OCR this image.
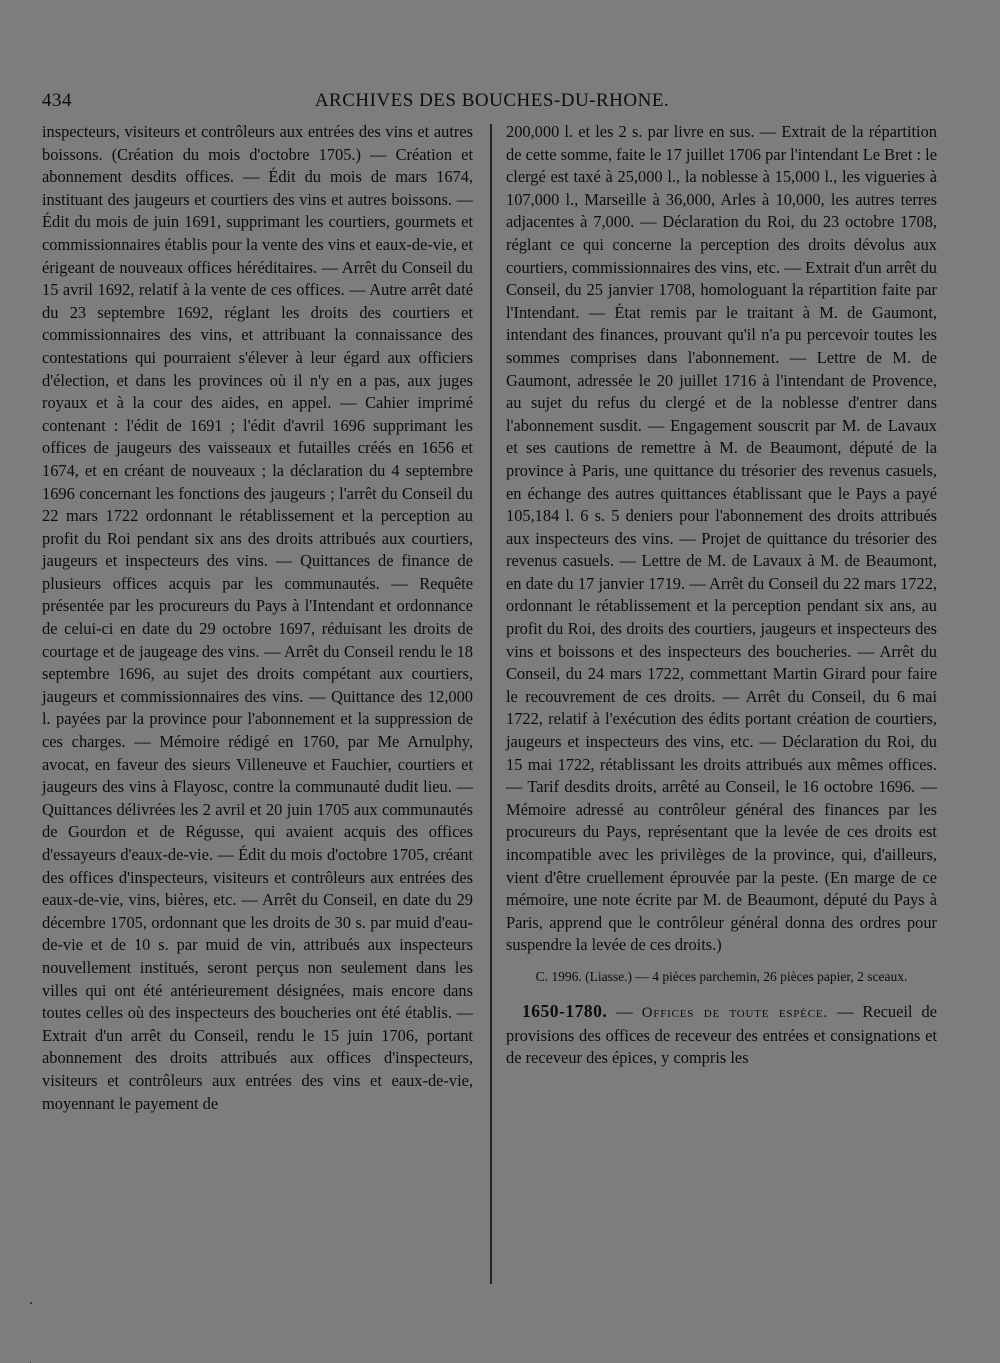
434	ARCHIVES DES BOUCHES-DU-RHONE.

inspecteurs, visiteurs et contrôleurs aux entrées des vins et autres boissons. (Création du mois d'octobre 1705.) — Création et abonnement desdits offices. — Édit du mois de mars 1674, instituant des jaugeurs et courtiers des vins et autres boissons. — Édit du mois de juin 1691, supprimant les courtiers, gourmets et commissionnaires établis pour la vente des vins et eaux-de-vie, et érigeant de nouveaux offices héréditaires. — Arrêt du Conseil du 15 avril 1692, relatif à la vente de ces offices. — Autre arrêt daté du 23 septembre 1692, réglant les droits des courtiers et commissionnaires des vins, et attribuant la connaissance des contestations qui pourraient s'élever à leur égard aux officiers d'élection, et dans les provinces où il n'y en a pas, aux juges royaux et à la cour des aides, en appel. — Cahier imprimé contenant : l'édit de 1691 ; l'édit d'avril 1696 supprimant les offices de jaugeurs des vaisseaux et futailles créés en 1656 et 1674, et en créant de nouveaux ; la déclaration du 4 septembre 1696 concernant les fonctions des jaugeurs ; l'arrêt du Conseil du 22 mars 1722 ordonnant le rétablissement et la perception au profit du Roi pendant six ans des droits attribués aux courtiers, jaugeurs et inspecteurs des vins. — Quittances de finance de plusieurs offices acquis par les communautés. — Requête présentée par les procureurs du Pays à l'Intendant et ordonnance de celui-ci en date du 29 octobre 1697, réduisant les droits de courtage et de jaugeage des vins. — Arrêt du Conseil rendu le 18 septembre 1696, au sujet des droits compétant aux courtiers, jaugeurs et commissionnaires des vins. — Quittance des 12,000 l. payées par la province pour l'abonnement et la suppression de ces charges. — Mémoire rédigé en 1760, par Me Arnulphy, avocat, en faveur des sieurs Villeneuve et Fauchier, courtiers et jaugeurs des vins à Flayosc, contre la communauté dudit lieu. — Quittances délivrées les 2 avril et 20 juin 1705 aux communautés de Gourdon et de Régusse, qui avaient acquis des offices d'essayeurs d'eaux-de-vie. — Édit du mois d'octobre 1705, créant des offices d'inspecteurs, visiteurs et contrôleurs aux entrées des eaux-de-vie, vins, bières, etc. — Arrêt du Conseil, en date du 29 décembre 1705, ordonnant que les droits de 30 s. par muid d'eau-de-vie et de 10 s. par muid de vin, attribués aux inspecteurs nouvellement institués, seront perçus non seulement dans les villes qui ont été antérieurement désignées, mais encore dans toutes celles où des inspecteurs des boucheries ont été établis. — Extrait d'un arrêt du Conseil, rendu le 15 juin 1706, portant abonnement des droits attribués aux offices d'inspecteurs, visiteurs et contrôleurs aux entrées des vins et eaux-de-vie, moyennant le payement de

200,000 l. et les 2 s. par livre en sus. — Extrait de la répartition de cette somme, faite le 17 juillet 1706 par l'intendant Le Bret : le clergé est taxé à 25,000 l., la noblesse à 15,000 l., les vigueries à 107,000 l., Marseille à 36,000, Arles à 10,000, les autres terres adjacentes à 7,000. — Déclaration du Roi, du 23 octobre 1708, réglant ce qui concerne la perception des droits dévolus aux courtiers, commissionnaires des vins, etc. — Extrait d'un arrêt du Conseil, du 25 janvier 1708, homologuant la répartition faite par l'Intendant. — État remis par le traitant à M. de Gaumont, intendant des finances, prouvant qu'il n'a pu percevoir toutes les sommes comprises dans l'abonnement. — Lettre de M. de Gaumont, adressée le 20 juillet 1716 à l'intendant de Provence, au sujet du refus du clergé et de la noblesse d'entrer dans l'abonnement susdit. — Engagement souscrit par M. de Lavaux et ses cautions de remettre à M. de Beaumont, député de la province à Paris, une quittance du trésorier des revenus casuels, en échange des autres quittances établissant que le Pays a payé 105,184 l. 6 s. 5 deniers pour l'abonnement des droits attribués aux inspecteurs des vins. — Projet de quittance du trésorier des revenus casuels. — Lettre de M. de Lavaux à M. de Beaumont, en date du 17 janvier 1719. — Arrêt du Conseil du 22 mars 1722, ordonnant le rétablissement et la perception pendant six ans, au profit du Roi, des droits des courtiers, jaugeurs et inspecteurs des vins et boissons et des inspecteurs des boucheries. — Arrêt du Conseil, du 24 mars 1722, commettant Martin Girard pour faire le recouvrement de ces droits. — Arrêt du Conseil, du 6 mai 1722, relatif à l'exécution des édits portant création de courtiers, jaugeurs et inspecteurs des vins, etc. — Déclaration du Roi, du 15 mai 1722, rétablissant les droits attribués aux mêmes offices. — Tarif desdits droits, arrêté au Conseil, le 16 octobre 1696. — Mémoire adressé au contrôleur général des finances par les procureurs du Pays, représentant que la levée de ces droits est incompatible avec les privilèges de la province, qui, d'ailleurs, vient d'être cruellement éprouvée par la peste. (En marge de ce mémoire, une note écrite par M. de Beaumont, député du Pays à Paris, apprend que le contrôleur général donna des ordres pour suspendre la levée de ces droits.)

C. 1996. (Liasse.) — 4 pièces parchemin, 26 pièces papier, 2 sceaux.

1650-1780. — Offices de toute espèce. — Recueil de provisions des offices de receveur des entrées et consignations et de receveur des épices, y compris les
